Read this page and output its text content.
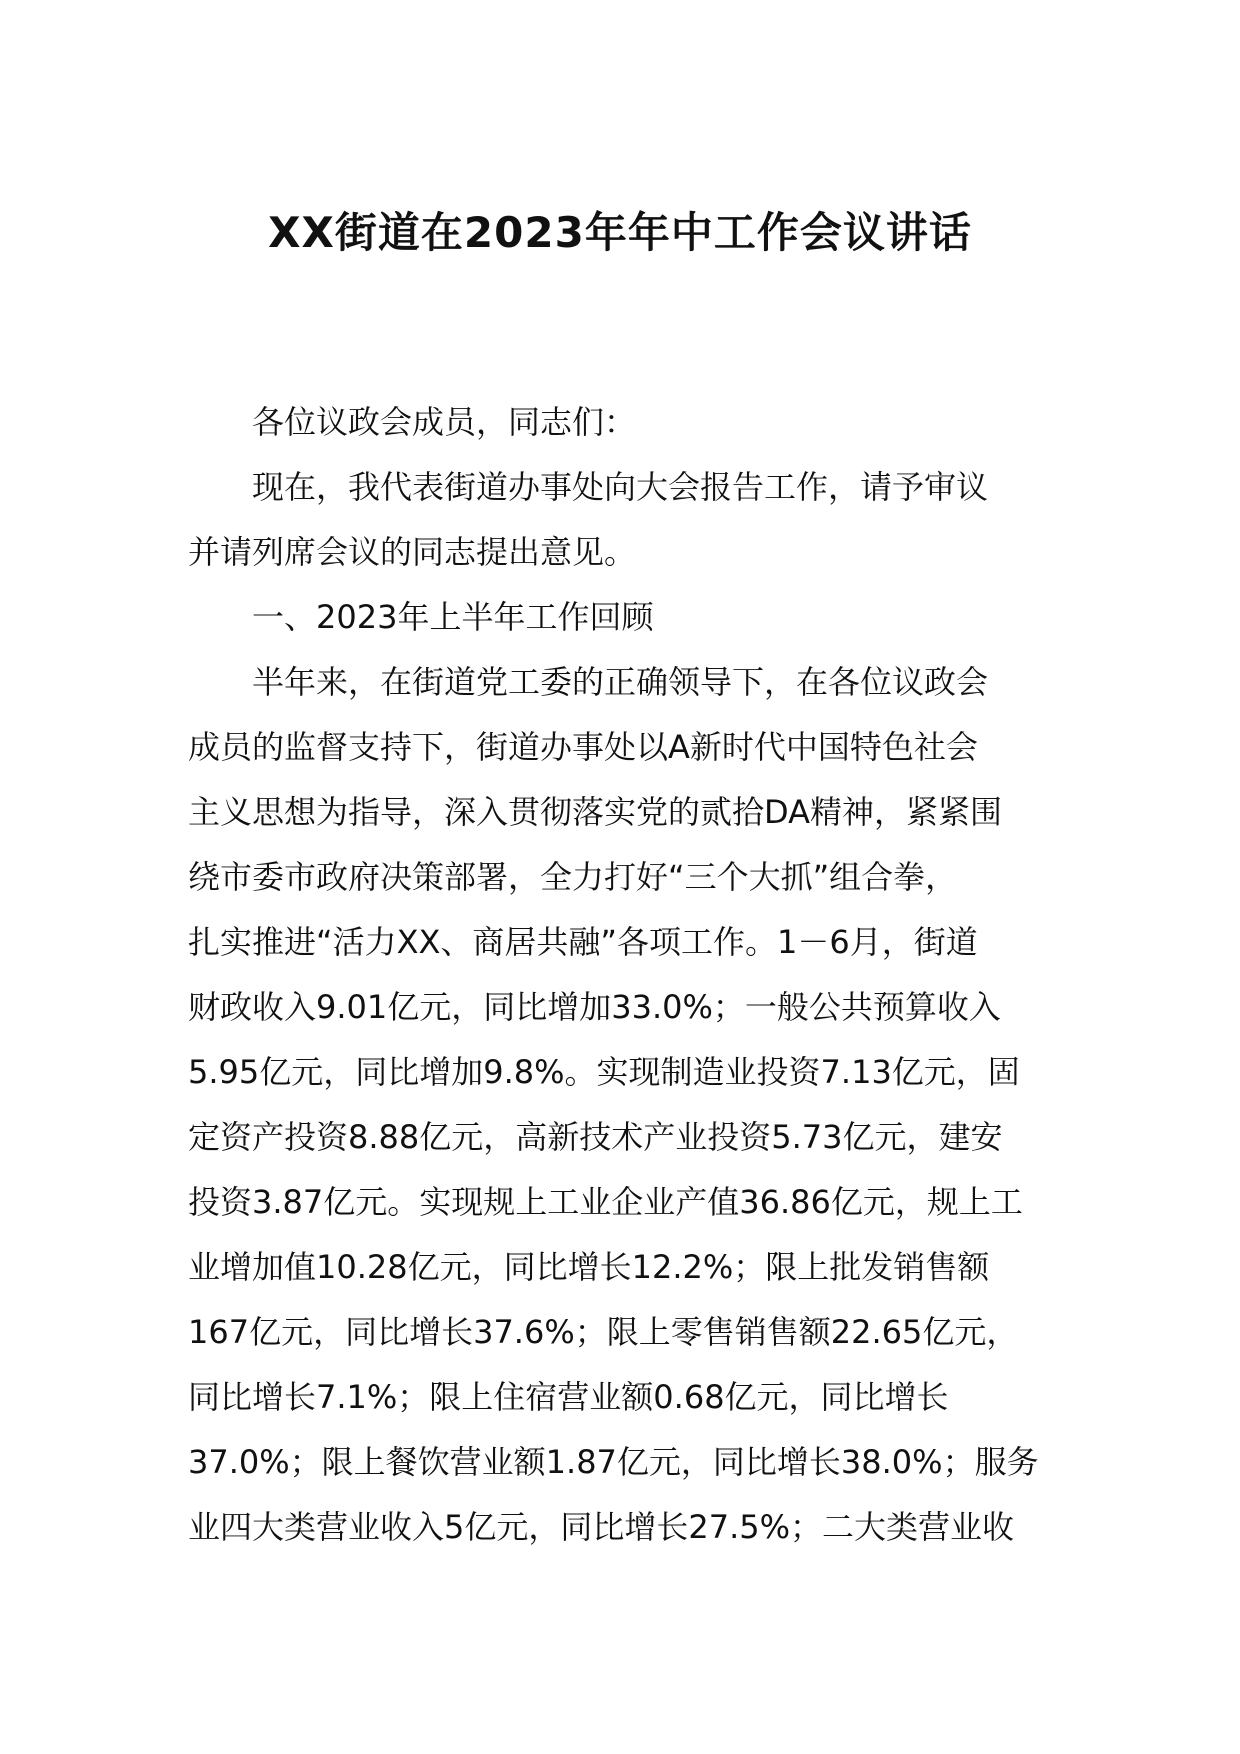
XX街道在2023年年中工作会议讲话
各位议政会成员，同志们：
现在，我代表街道办事处向大会报告工作，请予审议
并请列席会议的同志提出意见。
一、2023年上半年工作回顾
半年来，在街道党工委的正确领导下，在各位议政会
成员的监督支持下，街道办事处以A新时代中国特色社会
主义思想为指导，深入贯彻落实党的贰拾DA精神，紧紧围
绕市委市政府决策部署，全力打好“三个大抓”组合拳，
扎实推进“活力XX、商居共融”各项工作。1－6月，街道
财政收入9.01亿元，同比增加33.0%；一般公共预算收入
5.95亿元，同比增加9.8%。实现制造业投资7.13亿元，固
定资产投资8.88亿元，高新技术产业投资5.73亿元，建安
投资3.87亿元。实现规上工业企业产值36.86亿元，规上工
业增加值10.28亿元，同比增长12.2%；限上批发销售额
167亿元，同比增长37.6%；限上零售销售额22.65亿元，
同比增长7.1%；限上住宿营业额0.68亿元，同比增长
37.0%；限上餐饮营业额1.87亿元，同比增长38.0%；服务
业四大类营业收入5亿元，同比增长27.5%；二大类营业收
